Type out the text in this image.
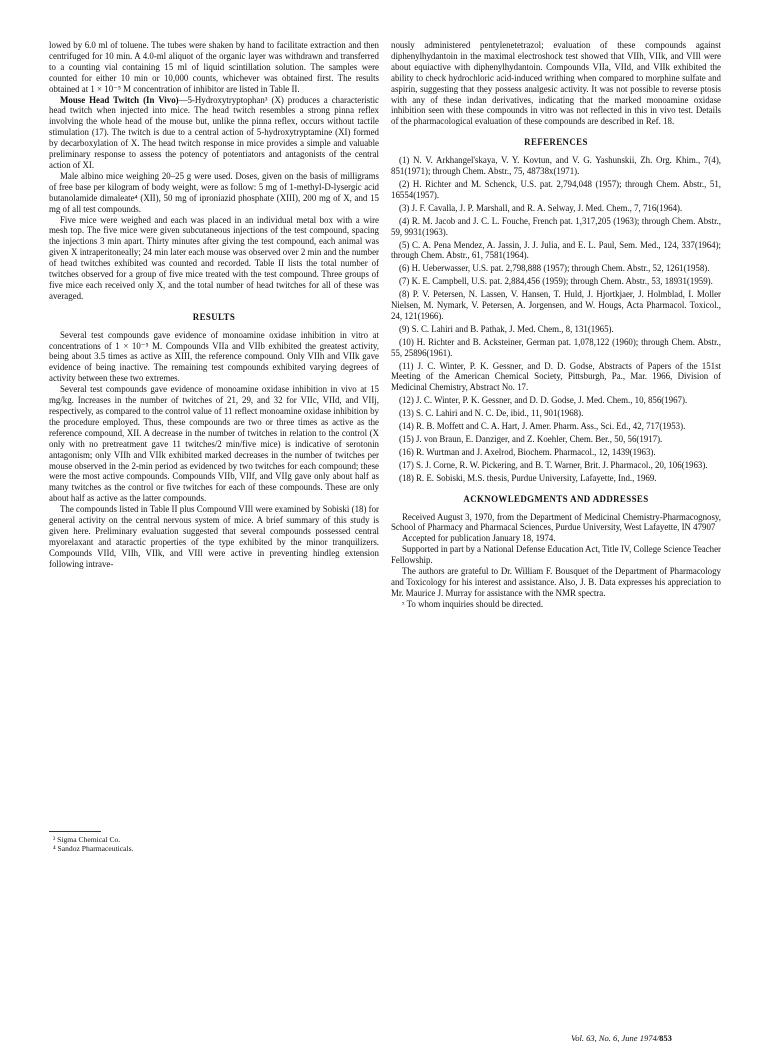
lowed by 6.0 ml of toluene. The tubes were shaken by hand to facilitate extraction and then centrifuged for 10 min. A 4.0-ml aliquot of the organic layer was withdrawn and transferred to a counting vial containing 15 ml of liquid scintillation solution. The samples were counted for either 10 min or 10,000 counts, whichever was obtained first. The results obtained at 1 × 10⁻⁵ M concentration of inhibitor are listed in Table II.

Mouse Head Twitch (In Vivo)—5-Hydroxytryptophan³ (X) produces a characteristic head twitch when injected into mice. The head twitch resembles a strong pinna reflex involving the whole head of the mouse but, unlike the pinna reflex, occurs without tactile stimulation (17). The twitch is due to a central action of 5-hydroxytryptamine (XI) formed by decarboxylation of X. The head twitch response in mice provides a simple and valuable preliminary response to assess the potency of potentiators and antagonists of the central action of XI.

Male albino mice weighing 20–25 g were used. Doses, given on the basis of milligrams of free base per kilogram of body weight, were as follow: 5 mg of 1-methyl-D-lysergic acid butanolamide dimaleate⁴ (XII), 50 mg of iproniazid phosphate (XIII), 200 mg of X, and 15 mg of all test compounds.

Five mice were weighed and each was placed in an individual metal box with a wire mesh top. The five mice were given subcutaneous injections of the test compound, spacing the injections 3 min apart. Thirty minutes after giving the test compound, each animal was given X intraperitoneally; 24 min later each mouse was observed over 2 min and the number of head twitches exhibited was counted and recorded. Table II lists the total number of twitches observed for a group of five mice treated with the test compound. Three groups of five mice each received only X, and the total number of head twitches for all of these was averaged.

RESULTS

Several test compounds gave evidence of monoamine oxidase inhibition in vitro at concentrations of 1 × 10⁻⁵ M. Compounds VIIa and VIIb exhibited the greatest activity, being about 3.5 times as active as XIII, the reference compound. Only VIIh and VIIk gave evidence of being inactive. The remaining test compounds exhibited varying degrees of activity between these two extremes.

Several test compounds gave evidence of monoamine oxidase inhibition in vivo at 15 mg/kg. Increases in the number of twitches of 21, 29, and 32 for VIIc, VIId, and VIIj, respectively, as compared to the control value of 11 reflect monoamine oxidase inhibition by the procedure employed. Thus, these compounds are two or three times as active as the reference compound, XII. A decrease in the number of twitches in relation to the control (X only with no pretreatment gave 11 twitches/2 min/five mice) is indicative of serotonin antagonism; only VIIh and VIIk exhibited marked decreases in the number of twitches per mouse observed in the 2-min period as evidenced by two twitches for each compound; these were the most active compounds. Compounds VIIb, VIIf, and VIIg gave only about half as many twitches as the control or five twitches for each of these compounds. These are only about half as active as the latter compounds.

The compounds listed in Table II plus Compound VIIl were examined by Sobiski (18) for general activity on the central nervous system of mice. A brief summary of this study is given here. Preliminary evaluation suggested that several compounds possessed central myorelaxant and ataractic properties of the type exhibited by the minor tranquilizers. Compounds VIId, VIIh, VIIk, and VIIl were active in preventing hindleg extension following intrave-

³ Sigma Chemical Co.
⁴ Sandoz Pharmaceuticals.

nously administered pentylenetetrazol; evaluation of these compounds against diphenylhydantoin in the maximal electroshock test showed that VIIh, VIIk, and VIIl were about equiactive with diphenylhydantoin. Compounds VIIa, VIId, and VIIk exhibited the ability to check hydrochloric acid-induced writhing when compared to morphine sulfate and aspirin, suggesting that they possess analgesic activity. It was not possible to reverse ptosis with any of these indan derivatives, indicating that the marked monoamine oxidase inhibition seen with these compounds in vitro was not reflected in this in vivo test. Details of the pharmacological evaluation of these compounds are described in Ref. 18.

REFERENCES

(1) N. V. Arkhangel'skaya, V. Y. Kovtun, and V. G. Yashunskii, Zh. Org. Khim., 7(4), 851(1971); through Chem. Abstr., 75, 48738x(1971).

(2) H. Richter and M. Schenck, U.S. pat. 2,794,048 (1957); through Chem. Abstr., 51, 16554(1957).

(3) J. F. Cavalla, J. P. Marshall, and R. A. Selway, J. Med. Chem., 7, 716(1964).

(4) R. M. Jacob and J. C. L. Fouche, French pat. 1,317,205 (1963); through Chem. Abstr., 59, 9931(1963).

(5) C. A. Pena Mendez, A. Jassin, J. J. Julia, and E. L. Paul, Sem. Med., 124, 337(1964); through Chem. Abstr., 61, 7581(1964).

(6) H. Ueberwasser, U.S. pat. 2,798,888 (1957); through Chem. Abstr., 52, 1261(1958).

(7) K. E. Campbell, U.S. pat. 2,884,456 (1959); through Chem. Abstr., 53, 18931(1959).

(8) P. V. Petersen, N. Lassen, V. Hansen, T. Huld, J. Hjortkjaer, J. Holmblad, I. Moller Nielsen, M. Nymark, V. Petersen, A. Jorgensen, and W. Hougs, Acta Pharmacol. Toxicol., 24, 121(1966).

(9) S. C. Lahiri and B. Pathak, J. Med. Chem., 8, 131(1965).

(10) H. Richter and B. Acksteiner, German pat. 1,078,122 (1960); through Chem. Abstr., 55, 25896(1961).

(11) J. C. Winter, P. K. Gessner, and D. D. Godse, Abstracts of Papers of the 151st Meeting of the American Chemical Society, Pittsburgh, Pa., Mar. 1966, Division of Medicinal Chemistry, Abstract No. 17.

(12) J. C. Winter, P. K. Gessner, and D. D. Godse, J. Med. Chem., 10, 856(1967).

(13) S. C. Lahiri and N. C. De, ibid., 11, 901(1968).

(14) R. B. Moffett and C. A. Hart, J. Amer. Pharm. Ass., Sci. Ed., 42, 717(1953).

(15) J. von Braun, E. Danziger, and Z. Koehler, Chem. Ber., 50, 56(1917).

(16) R. Wurtman and J. Axelrod, Biochem. Pharmacol., 12, 1439(1963).

(17) S. J. Corne, R. W. Pickering, and B. T. Warner, Brit. J. Pharmacol., 20, 106(1963).

(18) R. E. Sobiski, M.S. thesis, Purdue University, Lafayette, Ind., 1969.

ACKNOWLEDGMENTS AND ADDRESSES

Received August 3, 1970, from the Department of Medicinal Chemistry-Pharmacognosy, School of Pharmacy and Pharmacal Sciences, Purdue University, West Lafayette, IN 47907

Accepted for publication January 18, 1974.

Supported in part by a National Defense Education Act, Title IV, College Science Teacher Fellowship.

The authors are grateful to Dr. William F. Bousquet of the Department of Pharmacology and Toxicology for his interest and assistance. Also, J. B. Data expresses his appreciation to Mr. Maurice J. Murray for assistance with the NMR spectra.

ˣ To whom inquiries should be directed.

Vol. 63, No. 6, June 1974/853
